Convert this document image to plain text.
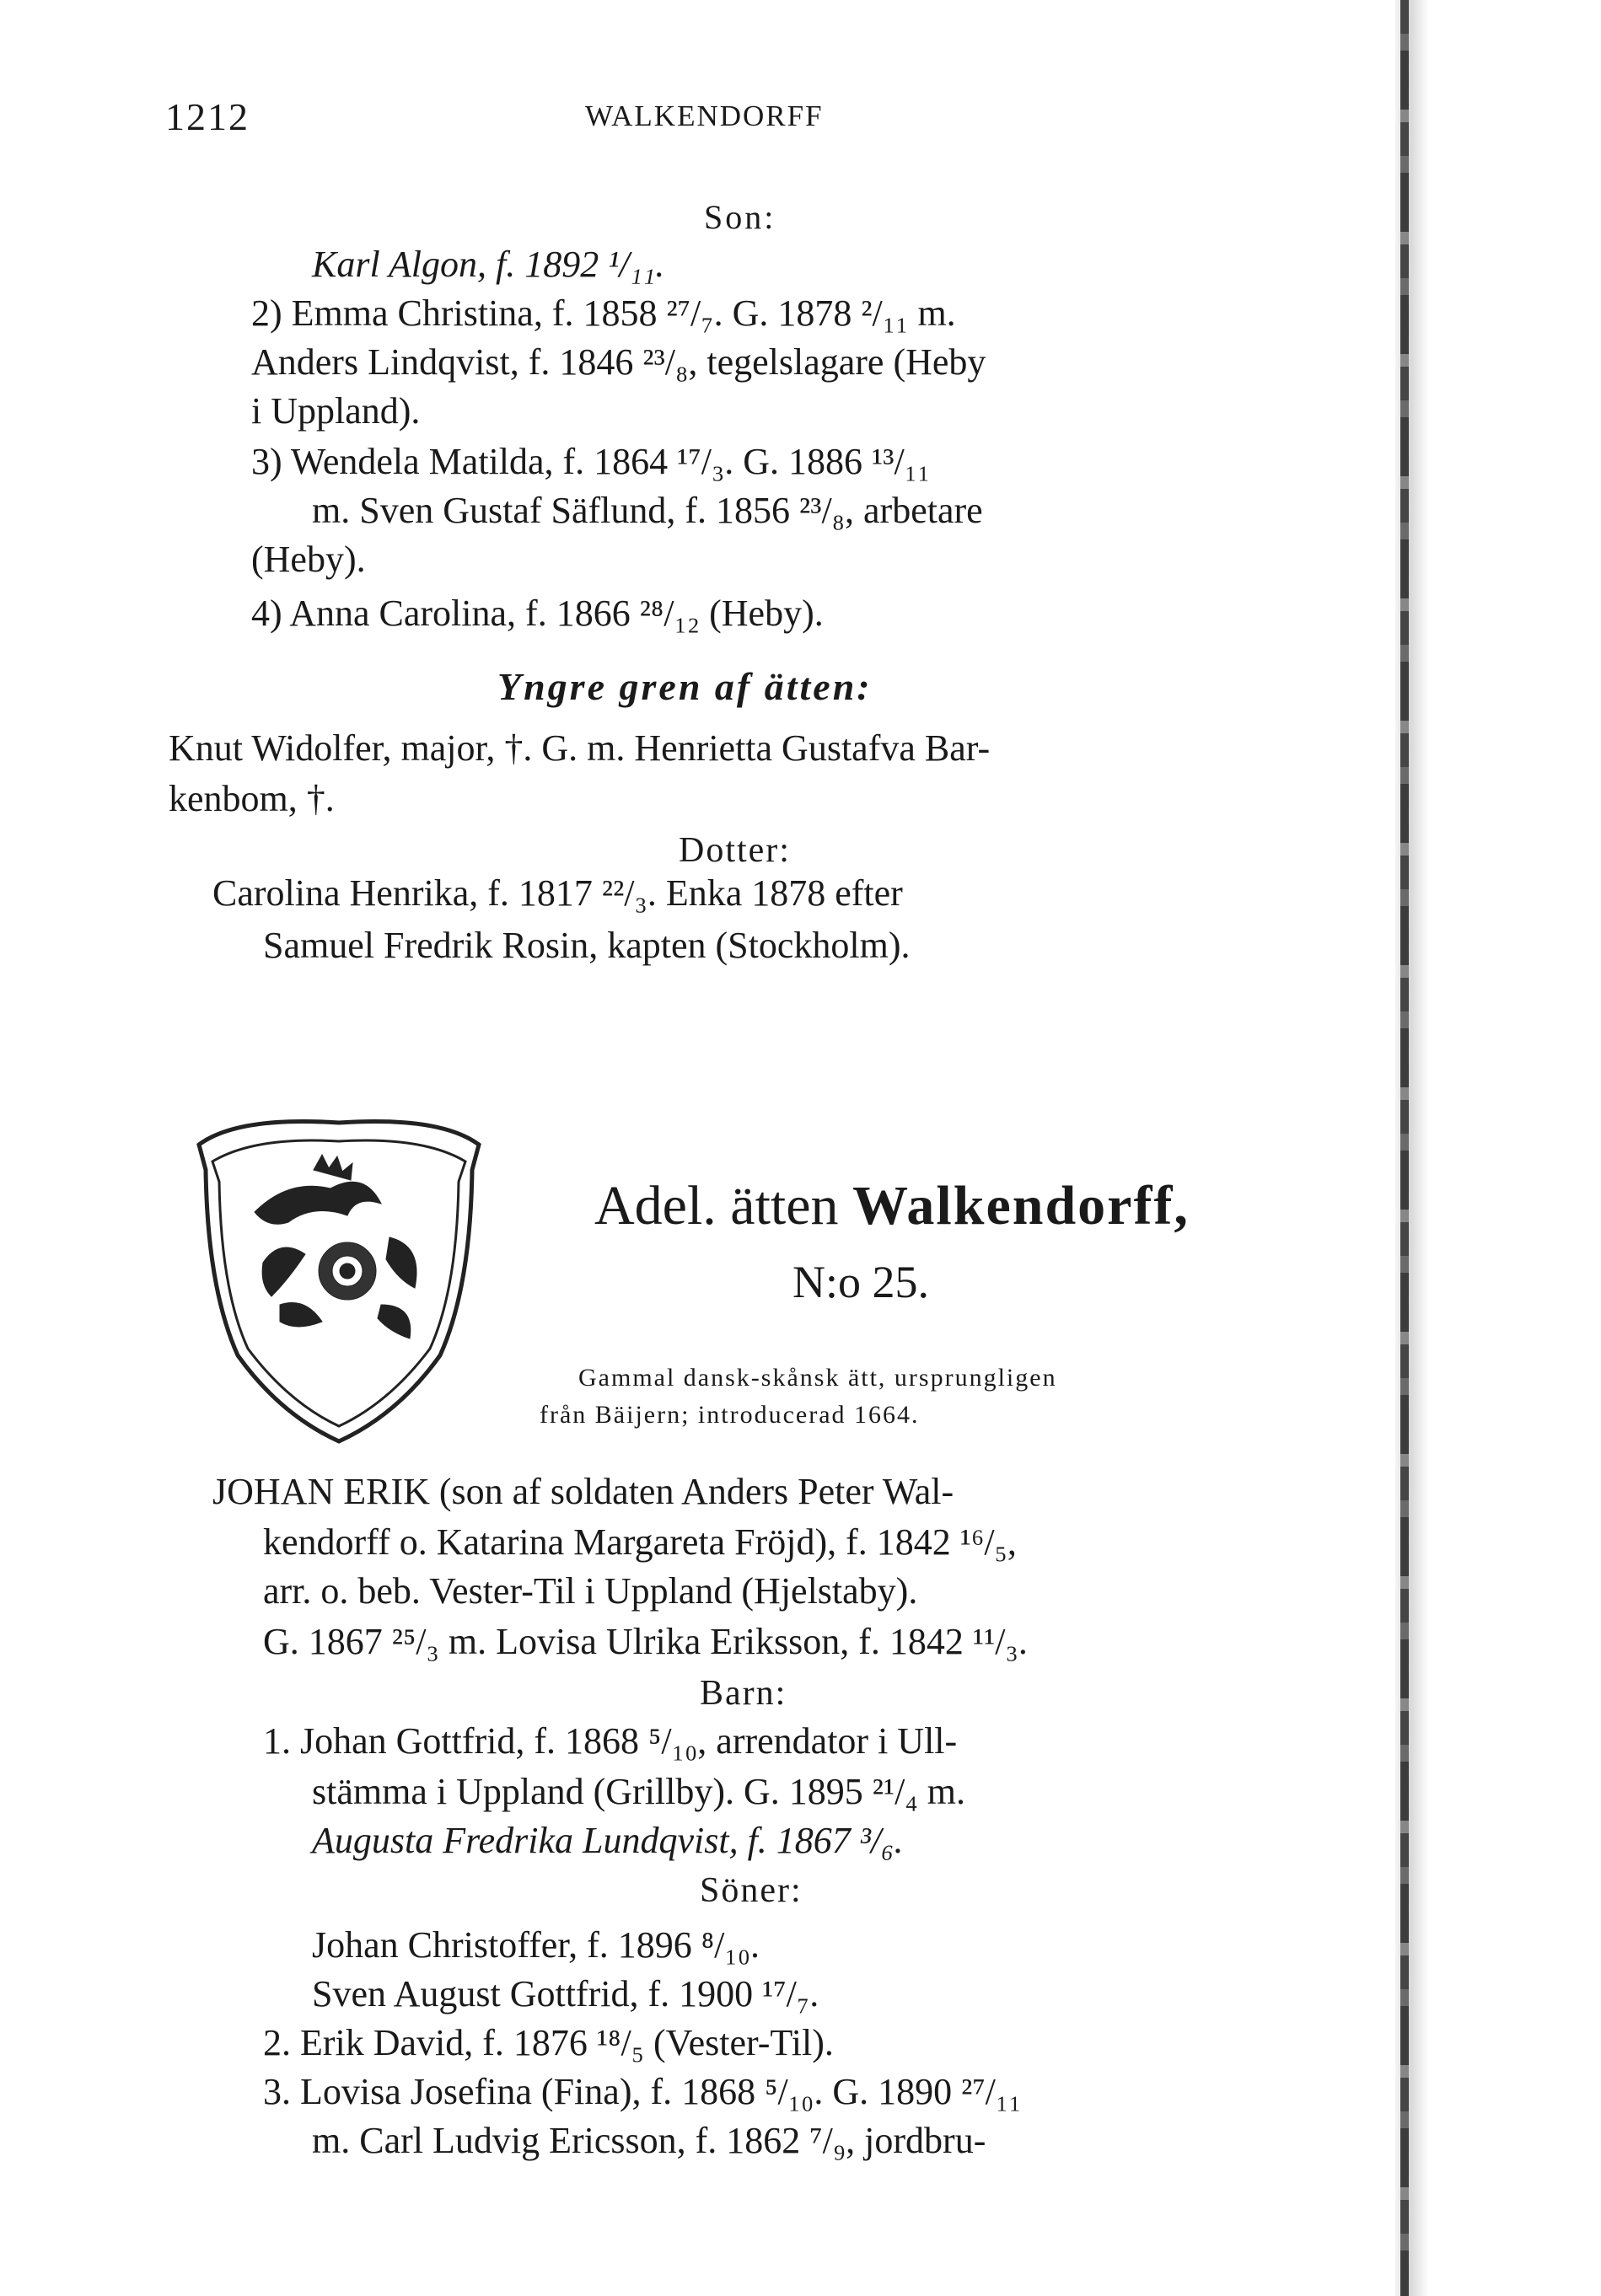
1212	WALKENDORFF
Son:
Karl Algon, f. 1892 ¹/₁₁.
2) Emma Christina, f. 1858 ²⁷/₇. G. 1878 ²/₁₁ m.
Anders Lindqvist, f. 1846 ²³/₈, tegelslagare (Heby
i Uppland).
3) Wendela Matilda, f. 1864 ¹⁷/₃. G. 1886 ¹³/₁₁
m. Sven Gustaf Säflund, f. 1856 ²³/₈, arbetare
(Heby).
4) Anna Carolina, f. 1866 ²⁸/₁₂ (Heby).
Yngre gren af ätten:
Knut Widolfer, major, †. G. m. Henrietta Gustafva Bar-
kenbom, †.
Dotter:
Carolina Henrika, f. 1817 ²²/₃. Enka 1878 efter
Samuel Fredrik Rosin, kapten (Stockholm).
Adel. ätten Walkendorff,
N:o 25.
Gammal dansk-skånsk ätt, ursprungligen
från Bäijern; introducerad 1664.
JOHAN ERIK (son af soldaten Anders Peter Wal-
kendorff o. Katarina Margareta Fröjd), f. 1842 ¹⁶/₅,
arr. o. beb. Vester-Til i Uppland (Hjelstaby).
G. 1867 ²⁵/₃ m. Lovisa Ulrika Eriksson, f. 1842 ¹¹/₃.
Barn:
1. Johan Gottfrid, f. 1868 ⁵/₁₀, arrendator i Ull-
stämma i Uppland (Grillby). G. 1895 ²¹/₄ m.
Augusta Fredrika Lundqvist, f. 1867 ³/₆.
Söner:
Johan Christoffer, f. 1896 ⁸/₁₀.
Sven August Gottfrid, f. 1900 ¹⁷/₇.
2. Erik David, f. 1876 ¹⁸/₅ (Vester-Til).
3. Lovisa Josefina (Fina), f. 1868 ⁵/₁₀. G. 1890 ²⁷/₁₁
m. Carl Ludvig Ericsson, f. 1862 ⁷/₉, jordbru-
